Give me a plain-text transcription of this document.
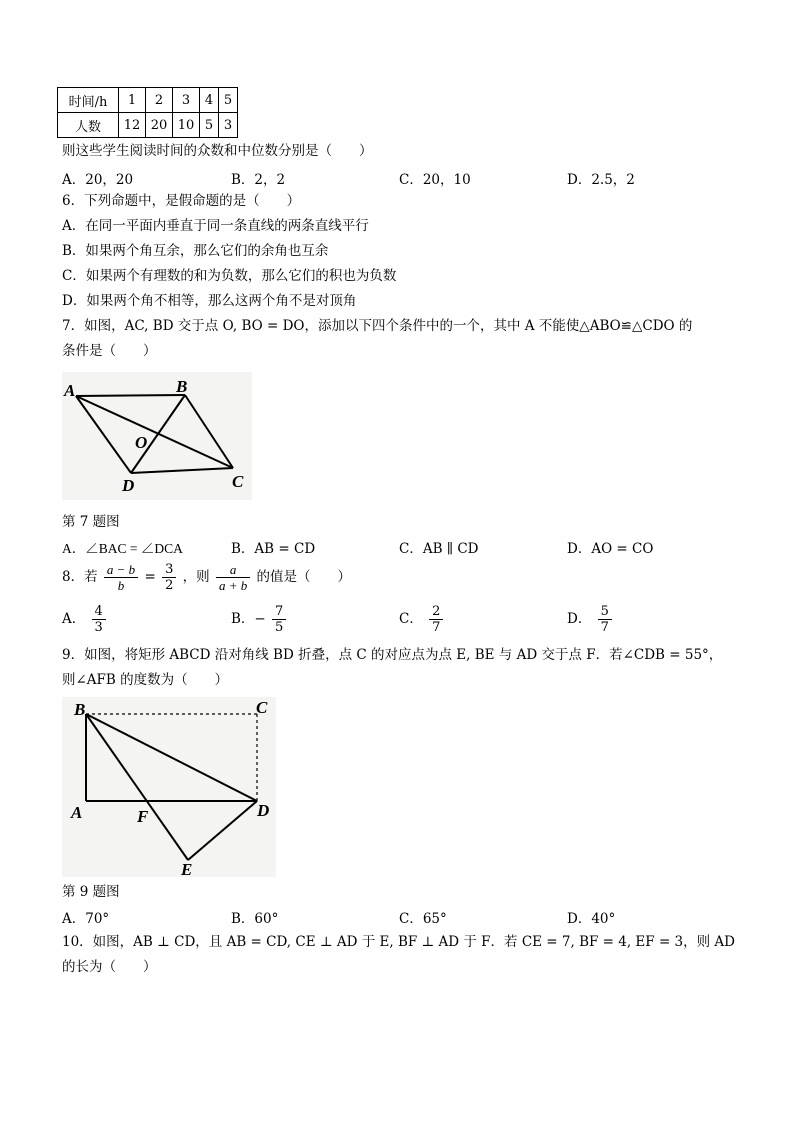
时间/h	1	2	3	4	5
人数	12	20	10	5	3
则这些学生阅读时间的众数和中位数分别是（　　）
A．20，20	B．2，2	C．20，10	D．2.5，2
6．下列命题中，是假命题的是（　　）
A．在同一平面内垂直于同一条直线的两条直线平行
B．如果两个角互余，那么它们的余角也互余
C．如果两个有理数的和为负数，那么它们的积也为负数
D．如果两个角不相等，那么这两个角不是对顶角
7．如图，AC, BD 交于点 O, BO = DO，添加以下四个条件中的一个，其中 A 不能使△ABO≌△CDO 的
条件是（　　）
A	B
O
C
D
第 7 题图
A．∠BAC = ∠DCA	B．AB = CD	C．AB ∥ CD	D．AO = CO
8．若 $\frac{a - b}{b} = \frac{3}{2}$ ，则 $\frac{a}{a + b}$ 的值是（　　）
A． $\frac{4}{3}$	B．− $\frac{7}{5}$	C． $\frac{2}{7}$	D． $\frac{5}{7}$
9．如图，将矩形 ABCD 沿对角线 BD 折叠，点 C 的对应点为点 E, BE 与 AD 交于点 F．若∠CDB = 55°，
则∠AFB 的度数为（　　）
B	C
A	F	D
E
第 9 题图
A．70°	B．60°	C．65°	D．40°
10．如图，AB ⊥ CD，且 AB = CD, CE ⊥ AD 于 E, BF ⊥ AD 于 F．若 CE = 7, BF = 4, EF = 3，则 AD
的长为（　　）
